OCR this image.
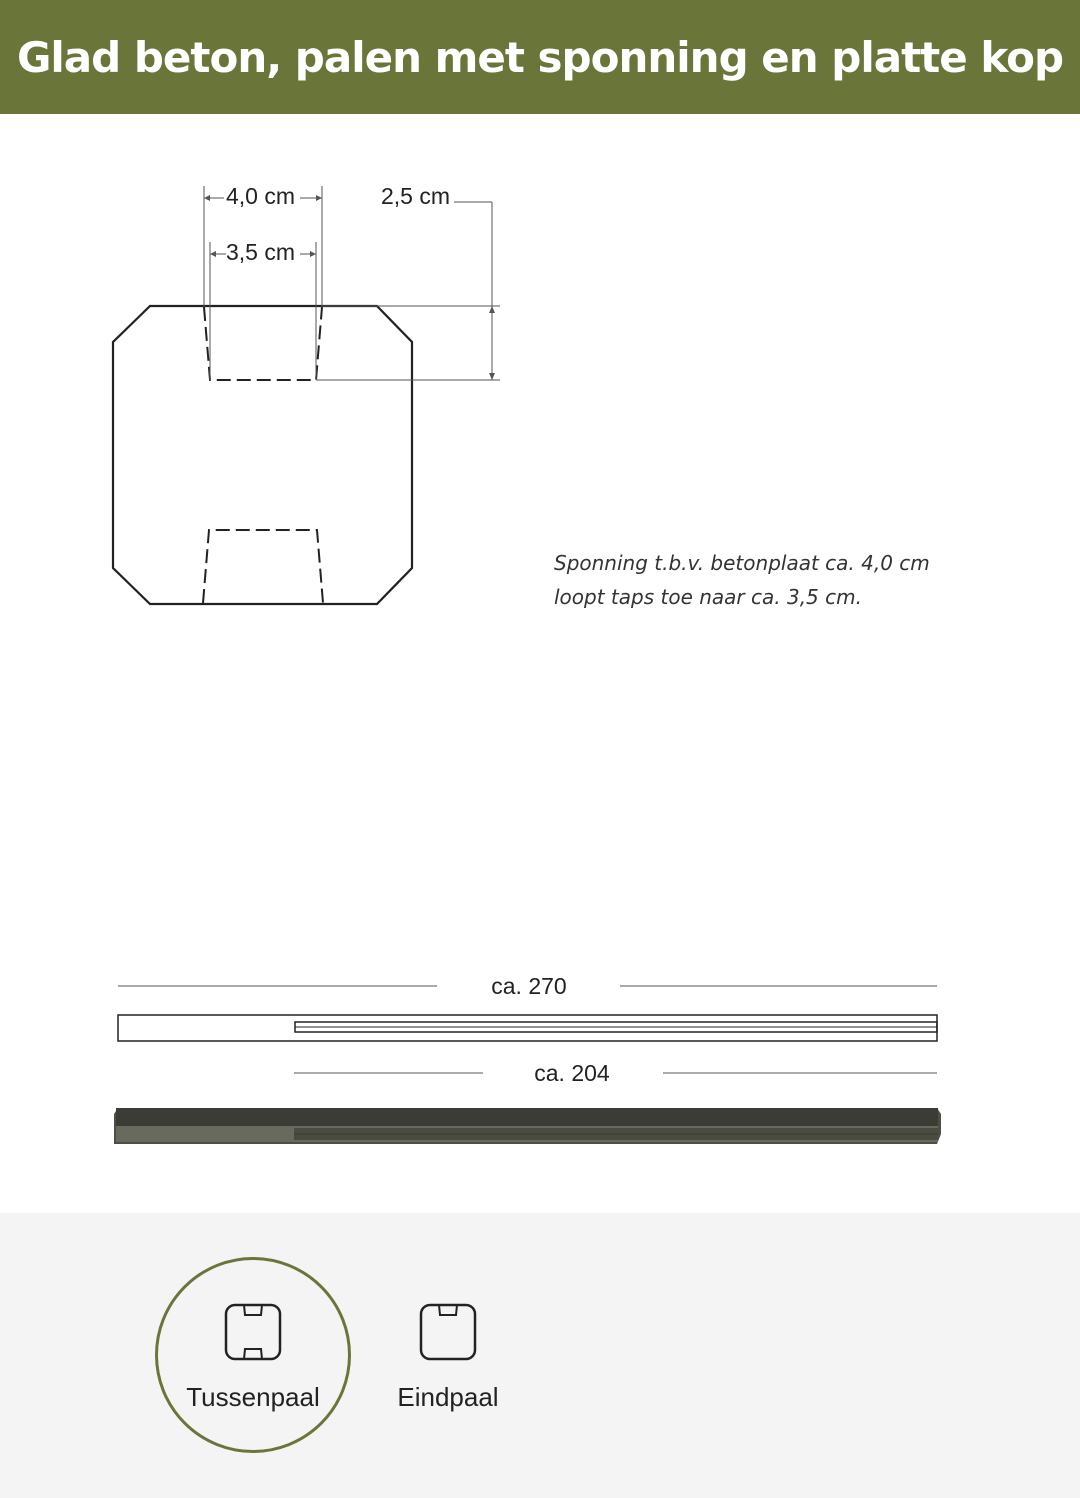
Glad beton, palen met sponning en platte kop
4,0 cm
3,5 cm
2,5 cm
ca. 270
ca. 204
Sponning t.b.v. betonplaat ca. 4,0 cm loopt taps toe naar ca. 3,5 cm.
Tussenpaal	Eindpaal
